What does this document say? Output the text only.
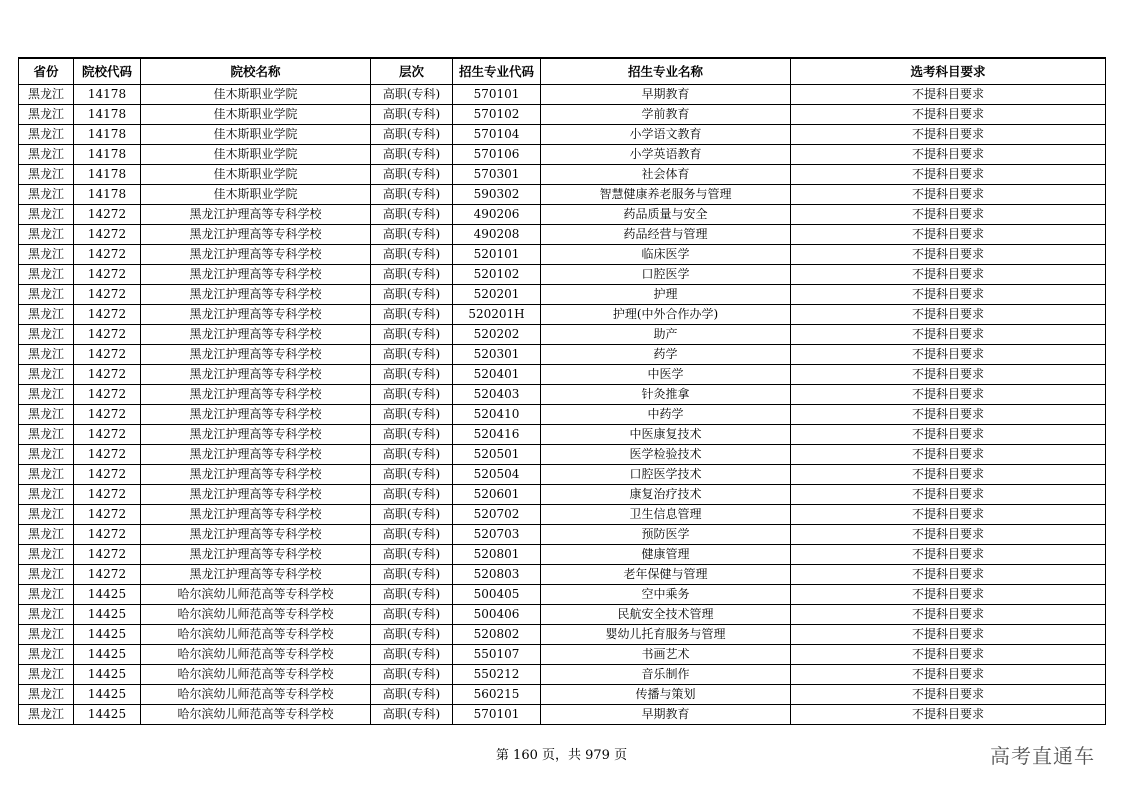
省份	院校代码	院校名称	层次	招生专业代码	招生专业名称	选考科目要求
黑龙江	14178	佳木斯职业学院	高职(专科)	570101	早期教育	不提科目要求
黑龙江	14178	佳木斯职业学院	高职(专科)	570102	学前教育	不提科目要求
黑龙江	14178	佳木斯职业学院	高职(专科)	570104	小学语文教育	不提科目要求
黑龙江	14178	佳木斯职业学院	高职(专科)	570106	小学英语教育	不提科目要求
黑龙江	14178	佳木斯职业学院	高职(专科)	570301	社会体育	不提科目要求
黑龙江	14178	佳木斯职业学院	高职(专科)	590302	智慧健康养老服务与管理	不提科目要求
黑龙江	14272	黑龙江护理高等专科学校	高职(专科)	490206	药品质量与安全	不提科目要求
黑龙江	14272	黑龙江护理高等专科学校	高职(专科)	490208	药品经营与管理	不提科目要求
黑龙江	14272	黑龙江护理高等专科学校	高职(专科)	520101	临床医学	不提科目要求
黑龙江	14272	黑龙江护理高等专科学校	高职(专科)	520102	口腔医学	不提科目要求
黑龙江	14272	黑龙江护理高等专科学校	高职(专科)	520201	护理	不提科目要求
黑龙江	14272	黑龙江护理高等专科学校	高职(专科)	520201H	护理(中外合作办学)	不提科目要求
黑龙江	14272	黑龙江护理高等专科学校	高职(专科)	520202	助产	不提科目要求
黑龙江	14272	黑龙江护理高等专科学校	高职(专科)	520301	药学	不提科目要求
黑龙江	14272	黑龙江护理高等专科学校	高职(专科)	520401	中医学	不提科目要求
黑龙江	14272	黑龙江护理高等专科学校	高职(专科)	520403	针灸推拿	不提科目要求
黑龙江	14272	黑龙江护理高等专科学校	高职(专科)	520410	中药学	不提科目要求
黑龙江	14272	黑龙江护理高等专科学校	高职(专科)	520416	中医康复技术	不提科目要求
黑龙江	14272	黑龙江护理高等专科学校	高职(专科)	520501	医学检验技术	不提科目要求
黑龙江	14272	黑龙江护理高等专科学校	高职(专科)	520504	口腔医学技术	不提科目要求
黑龙江	14272	黑龙江护理高等专科学校	高职(专科)	520601	康复治疗技术	不提科目要求
黑龙江	14272	黑龙江护理高等专科学校	高职(专科)	520702	卫生信息管理	不提科目要求
黑龙江	14272	黑龙江护理高等专科学校	高职(专科)	520703	预防医学	不提科目要求
黑龙江	14272	黑龙江护理高等专科学校	高职(专科)	520801	健康管理	不提科目要求
黑龙江	14272	黑龙江护理高等专科学校	高职(专科)	520803	老年保健与管理	不提科目要求
黑龙江	14425	哈尔滨幼儿师范高等专科学校	高职(专科)	500405	空中乘务	不提科目要求
黑龙江	14425	哈尔滨幼儿师范高等专科学校	高职(专科)	500406	民航安全技术管理	不提科目要求
黑龙江	14425	哈尔滨幼儿师范高等专科学校	高职(专科)	520802	婴幼儿托育服务与管理	不提科目要求
黑龙江	14425	哈尔滨幼儿师范高等专科学校	高职(专科)	550107	书画艺术	不提科目要求
黑龙江	14425	哈尔滨幼儿师范高等专科学校	高职(专科)	550212	音乐制作	不提科目要求
黑龙江	14425	哈尔滨幼儿师范高等专科学校	高职(专科)	560215	传播与策划	不提科目要求
黑龙江	14425	哈尔滨幼儿师范高等专科学校	高职(专科)	570101	早期教育	不提科目要求
第 160 页，共 979 页	高考直通车
